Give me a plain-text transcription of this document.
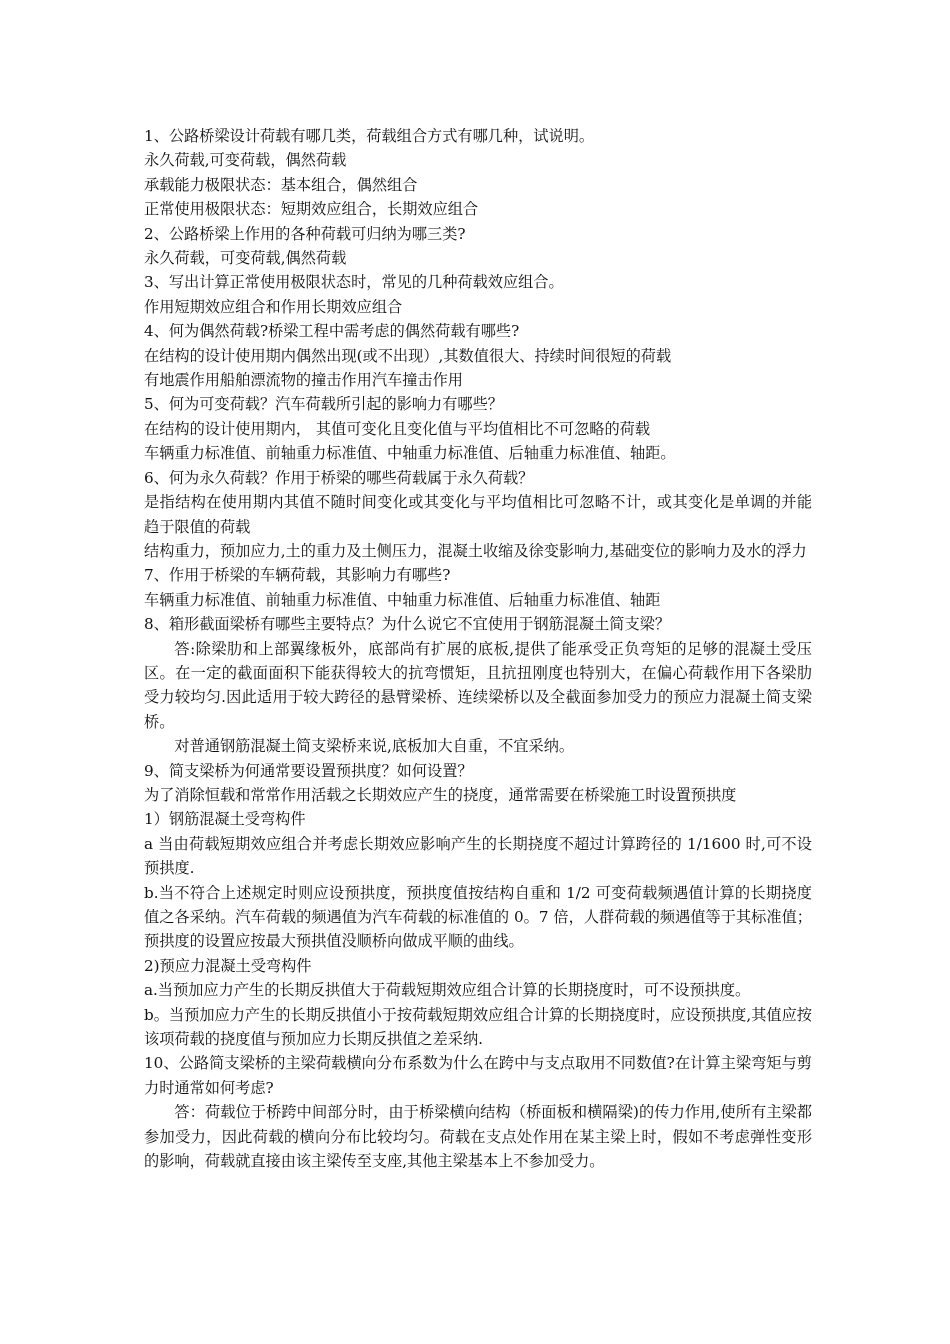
1、公路桥梁设计荷载有哪几类，荷载组合方式有哪几种，试说明。

永久荷载,可变荷载，偶然荷载

承载能力极限状态：基本组合，偶然组合

正常使用极限状态：短期效应组合，长期效应组合

2、公路桥梁上作用的各种荷载可归纳为哪三类?

永久荷载，可变荷载,偶然荷载

3、写出计算正常使用极限状态时，常见的几种荷载效应组合。

作用短期效应组合和作用长期效应组合

4、何为偶然荷载?桥梁工程中需考虑的偶然荷载有哪些?

在结构的设计使用期内偶然出现(或不出现）,其数值很大、持续时间很短的荷载

有地震作用船舶漂流物的撞击作用汽车撞击作用

5、何为可变荷载？汽车荷载所引起的影响力有哪些？

在结构的设计使用期内， 其值可变化且变化值与平均值相比不可忽略的荷载

车辆重力标准值、前轴重力标准值、中轴重力标准值、后轴重力标准值、轴距。

6、何为永久荷载？作用于桥梁的哪些荷载属于永久荷载？

是指结构在使用期内其值不随时间变化或其变化与平均值相比可忽略不计，或其变化是单调的并能趋于限值的荷载

结构重力，预加应力,土的重力及土侧压力，混凝土收缩及徐变影响力,基础变位的影响力及水的浮力

7、作用于桥梁的车辆荷载，其影响力有哪些?

车辆重力标准值、前轴重力标准值、中轴重力标准值、后轴重力标准值、轴距

8、箱形截面梁桥有哪些主要特点？为什么说它不宜使用于钢筋混凝土简支梁？

答:除梁肋和上部翼缘板外，底部尚有扩展的底板,提供了能承受正负弯矩的足够的混凝土受压区。在一定的截面面积下能获得较大的抗弯惯矩，且抗扭刚度也特别大，在偏心荷载作用下各梁肋受力较均匀.因此适用于较大跨径的悬臂梁桥、连续梁桥以及全截面参加受力的预应力混凝土简支梁桥。

对普通钢筋混凝土简支梁桥来说,底板加大自重，不宜采纳。

9、简支梁桥为何通常要设置预拱度？如何设置？

为了消除恒载和常常作用活载之长期效应产生的挠度，通常需要在桥梁施工时设置预拱度

1）钢筋混凝土受弯构件

a 当由荷载短期效应组合并考虑长期效应影响产生的长期挠度不超过计算跨径的 1/1600 时,可不设预拱度.

b.当不符合上述规定时则应设预拱度，预拱度值按结构自重和 1/2 可变荷载频遇值计算的长期挠度值之各采纳。汽车荷载的频遇值为汽车荷载的标准值的 0。7 倍，人群荷载的频遇值等于其标准值；预拱度的设置应按最大预拱值没顺桥向做成平顺的曲线。

2)预应力混凝土受弯构件

a.当预加应力产生的长期反拱值大于荷载短期效应组合计算的长期挠度时，可不设预拱度。

b。当预加应力产生的长期反拱值小于按荷载短期效应组合计算的长期挠度时，应设预拱度,其值应按该项荷载的挠度值与预加应力长期反拱值之差采纳.

10、公路简支梁桥的主梁荷载横向分布系数为什么在跨中与支点取用不同数值?在计算主梁弯矩与剪力时通常如何考虑?

答：荷载位于桥跨中间部分时，由于桥梁横向结构（桥面板和横隔梁)的传力作用,使所有主梁都参加受力，因此荷载的横向分布比较均匀。荷载在支点处作用在某主梁上时，假如不考虑弹性变形的影响，荷载就直接由该主梁传至支座,其他主梁基本上不参加受力。
